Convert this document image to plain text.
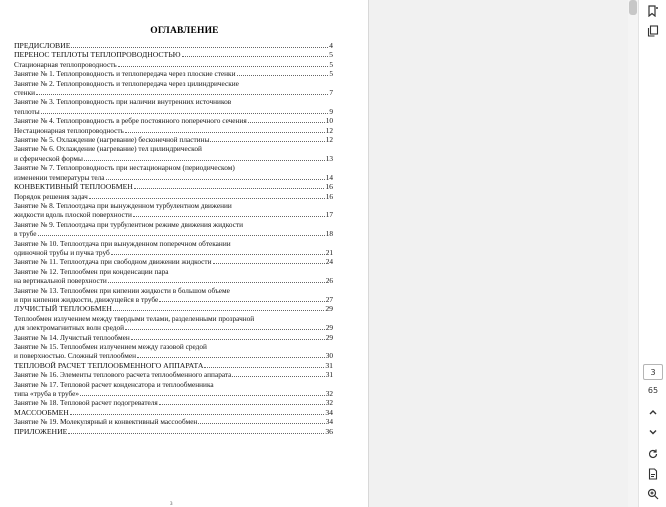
ОГЛАВЛЕНИЕ
ПРЕДИСЛОВИЕ	4
ПЕРЕНОС ТЕПЛОТЫ ТЕПЛОПРОВОДНОСТЬЮ	5
Стационарная теплопроводность	5
Занятие № 1. Теплопроводность и теплопередача через плоские стенки	5
Занятие № 2. Теплопроводность и теплопередача через цилиндрические
стенки	7
Занятие № 3. Теплопроводность при наличии внутренних источников
теплоты	9
Занятие № 4. Теплопроводность в ребре постоянного поперечного сечения	10
Нестационарная теплопроводность	12
Занятие № 5. Охлаждение (нагревание) бесконечной пластины	12
Занятие № 6. Охлаждение (нагревание) тел цилиндрической
и сферической формы	13
Занятие № 7. Теплопроводность при нестационарном (периодическом)
изменении температуры тела	14
КОНВЕКТИВНЫЙ ТЕПЛООБМЕН	16
Порядок решения задач	16
Занятие № 8. Теплоотдача при вынужденном турбулентном движении
жидкости вдоль плоской поверхности	17
Занятие № 9. Теплоотдача при турбулентном режиме движения жидкости
в трубе	18
Занятие № 10. Теплоотдача при вынужденном поперечном обтекании
одиночной трубы и пучка труб	21
Занятие № 11. Теплоотдача при свободном движении жидкости	24
Занятие № 12. Теплообмен при конденсации пара
на вертикальной поверхности	26
Занятие № 13. Теплообмен при кипении жидкости в большом объеме
и при кипении жидкости, движущейся в трубе	27
ЛУЧИСТЫЙ ТЕПЛООБМЕН	29
Теплообмен излучением между твердыми телами, разделенными прозрачной
для электромагнитных волн средой	29
Занятие № 14. Лучистый теплообмен	29
Занятие № 15. Теплообмен излучением между газовой средой
и поверхностью. Сложный теплообмен	30
ТЕПЛОВОЙ РАСЧЕТ ТЕПЛООБМЕННОГО АППАРАТА	31
Занятие № 16. Элементы теплового расчета теплообменного аппарата	31
Занятие № 17. Тепловой расчет конденсатора и теплообменника
типа «труба в трубе»	32
Занятие № 18. Тепловой расчет подогревателя	32
МАССООБМЕН	34
Занятие № 19. Молекулярный и конвективный массообмен	34
ПРИЛОЖЕНИЕ	36
3
3
65
